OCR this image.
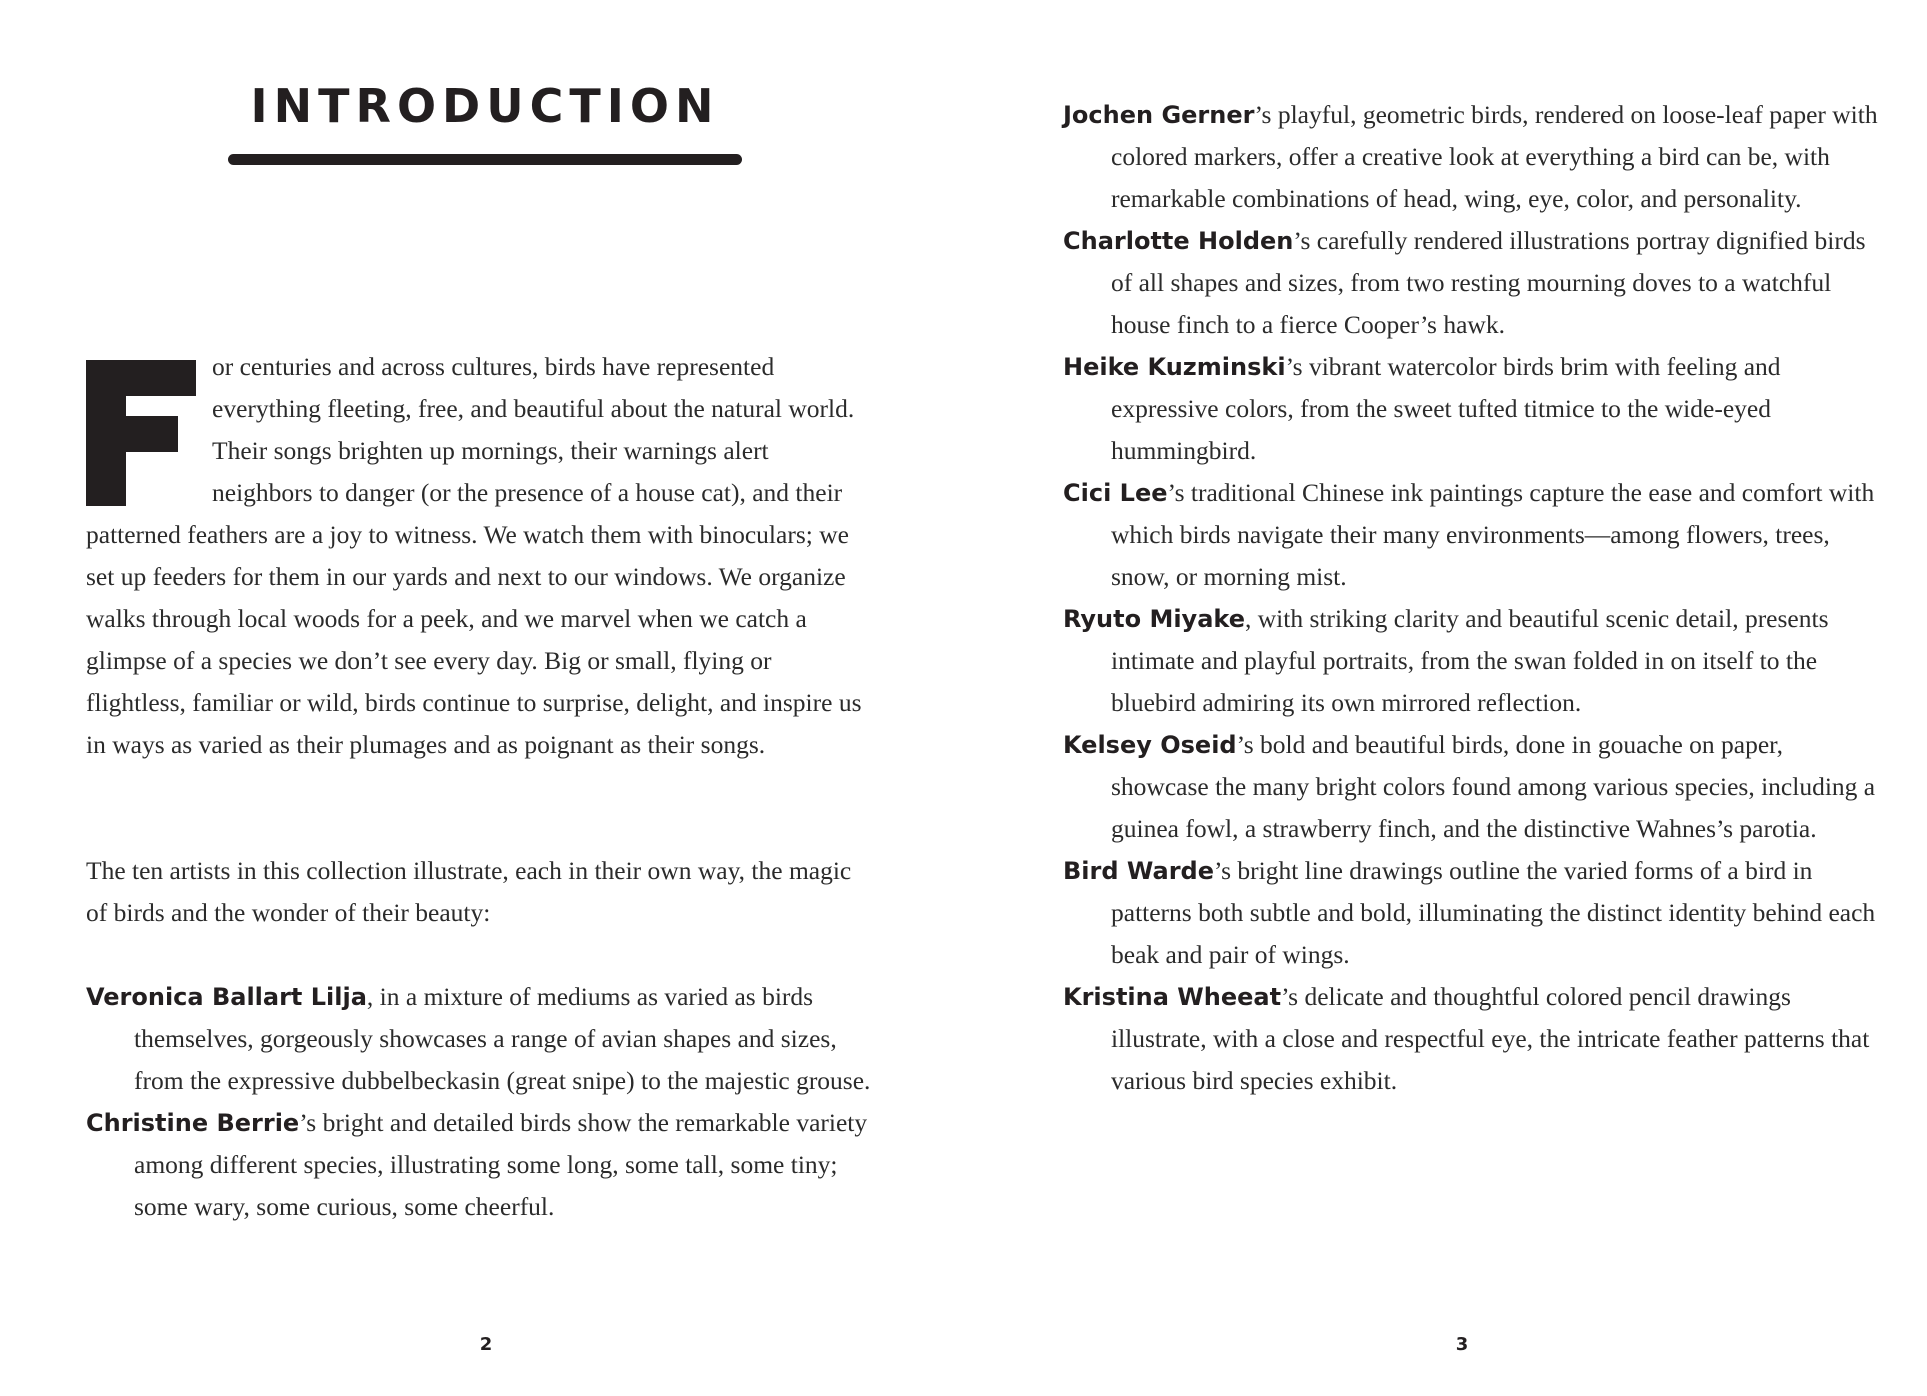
INTRODUCTION

or centuries and across cultures, birds have represented everything fleeting, free, and beautiful about the natural world. Their songs brighten up mornings, their warnings alert neighbors to danger (or the presence of a house cat), and their patterned feathers are a joy to witness. We watch them with binoculars; we set up feeders for them in our yards and next to our windows. We organize walks through local woods for a peek, and we marvel when we catch a glimpse of a species we don’t see every day. Big or small, flying or flightless, familiar or wild, birds continue to surprise, delight, and inspire us in ways as varied as their plumages and as poignant as their songs.

The ten artists in this collection illustrate, each in their own way, the magic of birds and the wonder of their beauty:

Veronica Ballart Lilja, in a mixture of mediums as varied as birds themselves, gorgeously showcases a range of avian shapes and sizes, from the expressive dubbelbeckasin (great snipe) to the majestic grouse.
Christine Berrie’s bright and detailed birds show the remarkable variety among different species, illustrating some long, some tall, some tiny; some wary, some curious, some cheerful.
2
Jochen Gerner’s playful, geometric birds, rendered on loose-leaf paper with colored markers, offer a creative look at everything a bird can be, with remarkable combinations of head, wing, eye, color, and personality.
Charlotte Holden’s carefully rendered illustrations portray dignified birds of all shapes and sizes, from two resting mourning doves to a watchful house finch to a fierce Cooper’s hawk.
Heike Kuzminski’s vibrant watercolor birds brim with feeling and expressive colors, from the sweet tufted titmice to the wide-eyed hummingbird.
Cici Lee’s traditional Chinese ink paintings capture the ease and comfort with which birds navigate their many environments—among flowers, trees, snow, or morning mist.
Ryuto Miyake, with striking clarity and beautiful scenic detail, presents intimate and playful portraits, from the swan folded in on itself to the bluebird admiring its own mirrored reflection.
Kelsey Oseid’s bold and beautiful birds, done in gouache on paper, showcase the many bright colors found among various species, including a guinea fowl, a strawberry finch, and the distinctive Wahnes’s parotia.
Bird Warde’s bright line drawings outline the varied forms of a bird in patterns both subtle and bold, illuminating the distinct identity behind each beak and pair of wings.
Kristina Wheeat’s delicate and thoughtful colored pencil drawings illustrate, with a close and respectful eye, the intricate feather patterns that various bird species exhibit.
3
